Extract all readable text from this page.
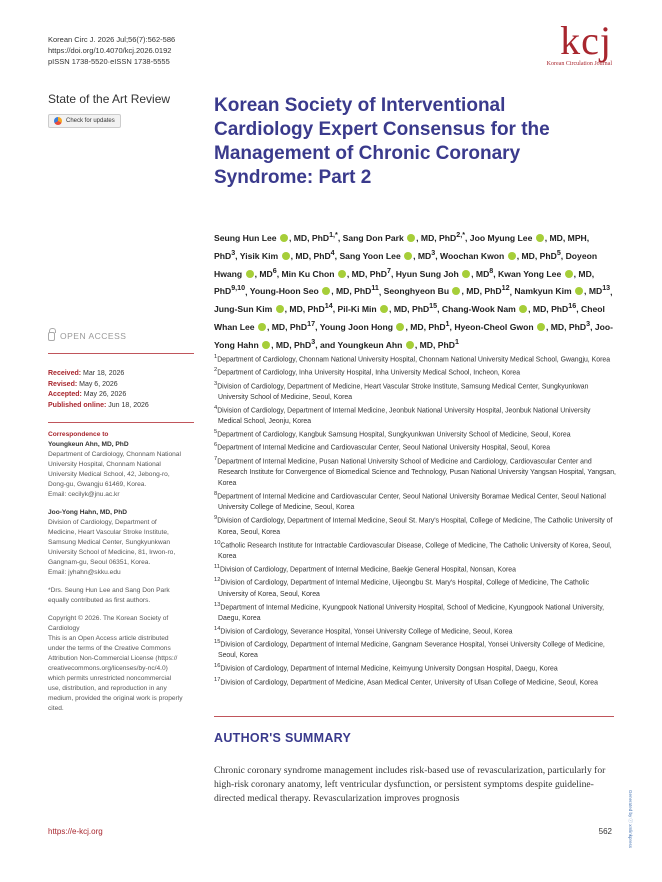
Korean Circ J. 2026 Jul;56(7):562-586
https://doi.org/10.4070/kcj.2026.0192
pISSN 1738-5520·eISSN 1738-5555	kcj
Korean Circulation Journal
State of the Art Review
Check for updates
OPEN ACCESS
Received: Mar 18, 2026
Revised: May 6, 2026
Accepted: May 26, 2026
Published online: Jun 18, 2026

Correspondence to

Youngkeun Ahn, MD, PhD

Department of Cardiology, Chonnam National

University Hospital, Chonnam National

University Medical School, 42, Jebong-ro,

Dong-gu, Gwangju 61469, Korea.

Email: cecilyk@jnu.ac.kr

Joo-Yong Hahn, MD, PhD

Division of Cardiology, Department of

Medicine, Heart Vascular Stroke Institute,

Samsung Medical Center, Sungkyunkwan

University School of Medicine, 81, Irwon-ro,

Gangnam-gu, Seoul 06351, Korea.

Email: jyhahn@skku.edu

*Drs. Seung Hun Lee and Sang Don Park

equally contributed as first authors.

Copyright © 2026. The Korean Society of

Cardiology

This is an Open Access article distributed

under the terms of the Creative Commons

Attribution Non-Commercial License (https://

creativecommons.org/licenses/by-nc/4.0)

which permits unrestricted noncommercial

use, distribution, and reproduction in any

medium, provided the original work is properly

cited.

Korean Society of Interventional
Cardiology Expert Consensus for the
Management of Chronic Coronary
Syndrome: Part 2
Seung Hun Lee , MD, PhD$^{1,*}$, Sang Don Park , MD, PhD$^{2,*}$, Joo Myung Lee , MD, MPH, PhD$^3$, Yisik Kim , MD, PhD$^4$, Sang Yoon Lee , $MD^3$, Woochan Kwon , MD, PhD$^5$, Doyeon Hwang , $MD^6$, Min Ku Chon , MD, PhD$^7$, Hyun Sung Joh , $MD^8$, Kwan Yong Lee , MD, PhD$^{9,10}$, Young-Hoon Seo , MD, PhD$^{11}$, Seonghyeon Bu , MD, PhD$^{12}$, Namkyun Kim , MD$^{13}$, Jung-Sun Kim , MD, PhD$^{14}$, Pil-Ki Min , MD, PhD$^{15}$, Chang-Wook Nam , MD, PhD$^{16}$, Cheol Whan Lee , MD, PhD$^{17}$, Young Joon Hong , MD, PhD$^1$, Hyeon-Cheol Gwon , MD, PhD$^3$, Joo-Yong Hahn , MD, PhD$^3$, and Youngkeun Ahn , MD, PhD$^1$
$^1$Department of Cardiology, Chonnam National University Hospital, Chonnam National University Medical School, Gwangju, Korea
$^2$Department of Cardiology, Inha University Hospital, Inha University Medical School, Incheon, Korea
$^3$Division of Cardiology, Department of Medicine, Heart Vascular Stroke Institute, Samsung Medical Center, Sungkyunkwan University School of Medicine, Seoul, Korea
$^4$Division of Cardiology, Department of Internal Medicine, Jeonbuk National University Hospital, Jeonbuk National University Medical School, Jeonju, Korea
$^5$Department of Cardiology, Kangbuk Samsung Hospital, Sungkyunkwan University School of Medicine, Seoul, Korea
$^6$Department of Internal Medicine and Cardiovascular Center, Seoul National University Hospital, Seoul, Korea
$^7$Department of Internal Medicine, Pusan National University School of Medicine and Cardiology, Cardiovascular Center and Research Institute for Convergence of Biomedical Science and Technology, Pusan National University Yangsan Hospital, Yangsan, Korea
$^8$Department of Internal Medicine and Cardiovascular Center, Seoul National University Boramae Medical Center, Seoul National University College of Medicine, Seoul, Korea
$^9$Division of Cardiology, Department of Internal Medicine, Seoul St. Mary's Hospital, College of Medicine, The Catholic University of Korea, Seoul, Korea
$^{10}$Catholic Research Institute for Intractable Cardiovascular Disease, College of Medicine, The Catholic University of Korea, Seoul, Korea
$^{11}$Division of Cardiology, Department of Internal Medicine, Baekje General Hospital, Nonsan, Korea
$^{12}$Division of Cardiology, Department of Internal Medicine, Uijeongbu St. Mary's Hospital, College of Medicine, The Catholic University of Korea, Seoul, Korea
$^{13}$Department of Internal Medicine, Kyungpook National University Hospital, School of Medicine, Kyungpook National University, Daegu, Korea
$^{14}$Division of Cardiology, Severance Hospital, Yonsei University College of Medicine, Seoul, Korea
$^{15}$Division of Cardiology, Department of Internal Medicine, Gangnam Severance Hospital, Yonsei University College of Medicine, Seoul, Korea
$^{16}$Division of Cardiology, Department of Internal Medicine, Keimyung University Dongsan Hospital, Daegu, Korea
$^{17}$Division of Cardiology, Department of Medicine, Asan Medical Center, University of Ulsan College of Medicine, Seoul, Korea
AUTHOR'S SUMMARY
Chronic coronary syndrome management includes risk-based use of revascularization, particularly for high-risk coronary anatomy, left ventricular dysfunction, or persistent symptoms despite guideline-directed medical therapy. Revascularization improves prognosis
https://e-kcj.org	562	Generated by ⓒ xmlinkpress
